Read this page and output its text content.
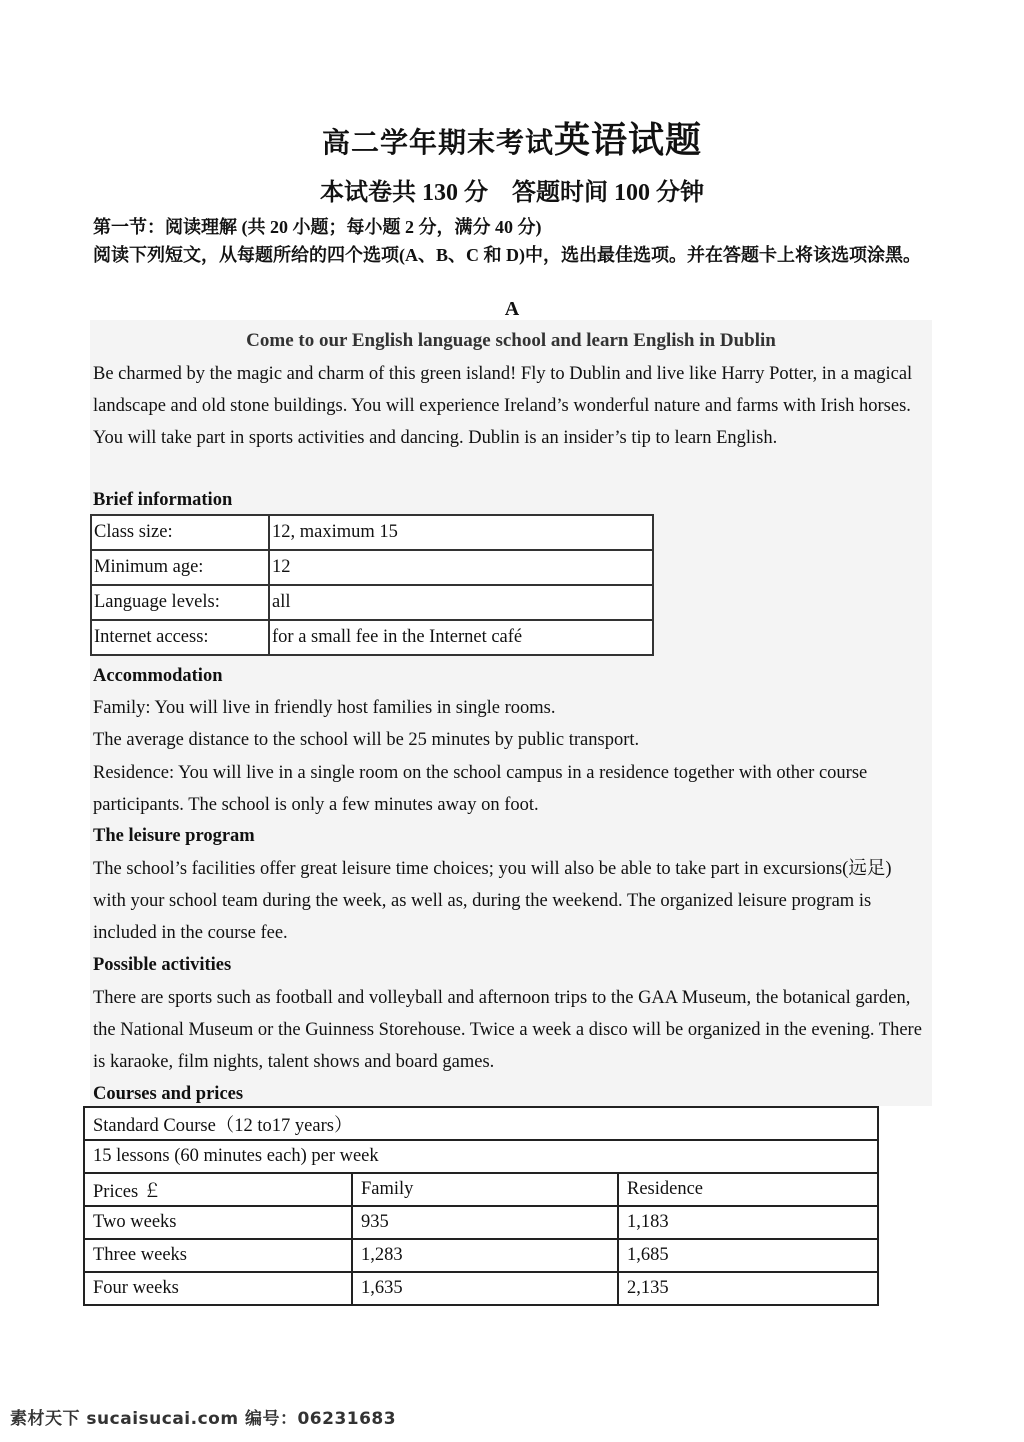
高二学年期末考试英语试题
本试卷共 130 分　答题时间 100 分钟
第一节：阅读理解 (共 20 小题；每小题 2 分，满分 40 分)
阅读下列短文，从每题所给的四个选项(A、B、C 和 D)中，选出最佳选项。并在答题卡上将该选项涂黑。
A
Come to our English language school and learn English in Dublin
Be charmed by the magic and charm of this green island! Fly to Dublin and live like Harry Potter, in a magical landscape and old stone buildings. You will experience Ireland’s wonderful nature and farms with Irish horses. You will take part in sports activities and dancing. Dublin is an insider’s tip to learn English.
Brief information
Class size:	12, maximum 15
Minimum age:	12
Language levels:	all
Internet access:	for a small fee in the Internet café
Accommodation
Family: You will live in friendly host families in single rooms.
The average distance to the school will be 25 minutes by public transport.
Residence: You will live in a single room on the school campus in a residence together with other course participants. The school is only a few minutes away on foot.
The leisure program
The school’s facilities offer great leisure time choices; you will also be able to take part in excursions(远足) with your school team during the week, as well as, during the weekend. The organized leisure program is included in the course fee.
Possible activities
There are sports such as football and volleyball and afternoon trips to the GAA Museum, the botanical garden, the National Museum or the Guinness Storehouse. Twice a week a disco will be organized in the evening. There is karaoke, film nights, talent shows and board games.
Courses and prices
Standard Course（12 to17 years）		
15 lessons (60 minutes each) per week		
Prices ￡	Family	Residence
Two weeks	935	1,183
Three weeks	1,283	1,685
Four weeks	1,635	2,135
素材天下 sucaisucai.com 编号：06231683
